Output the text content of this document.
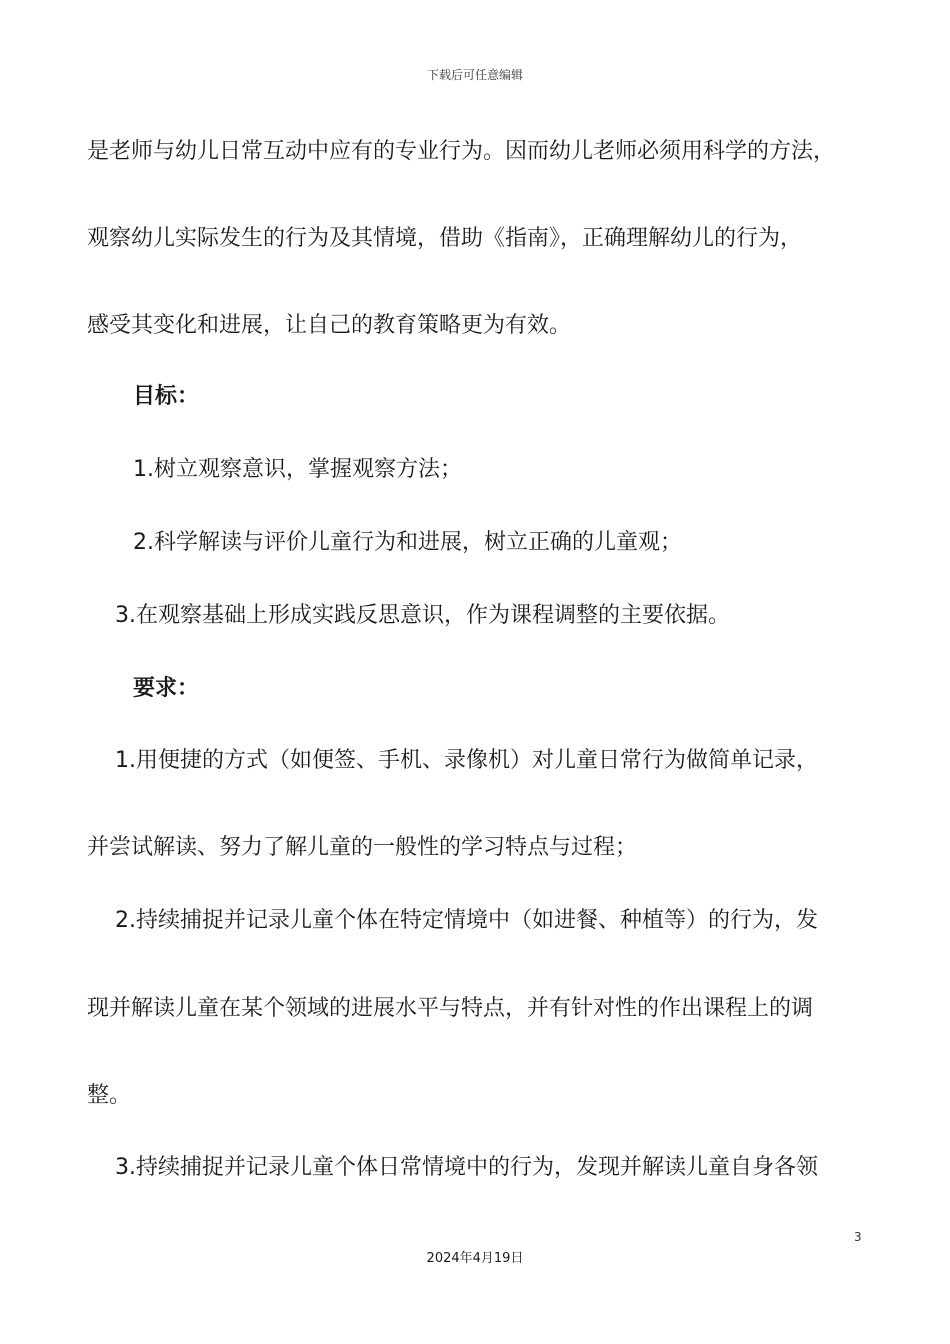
下载后可任意编辑
是老师与幼儿日常互动中应有的专业行为。因而幼儿老师必须用科学的方法，
观察幼儿实际发生的行为及其情境，借助《指南》，正确理解幼儿的行为，
感受其变化和进展，让自己的教育策略更为有效。
目标：
1.树立观察意识，掌握观察方法；
2.科学解读与评价儿童行为和进展，树立正确的儿童观；
3.在观察基础上形成实践反思意识，作为课程调整的主要依据。
要求：
1.用便捷的方式（如便签、手机、录像机）对儿童日常行为做简单记录，
并尝试解读、努力了解儿童的一般性的学习特点与过程；
2.持续捕捉并记录儿童个体在特定情境中（如进餐、种植等）的行为，发
现并解读儿童在某个领域的进展水平与特点，并有针对性的作出课程上的调
整。
3.持续捕捉并记录儿童个体日常情境中的行为，发现并解读儿童自身各领
3
2024年4月19日
